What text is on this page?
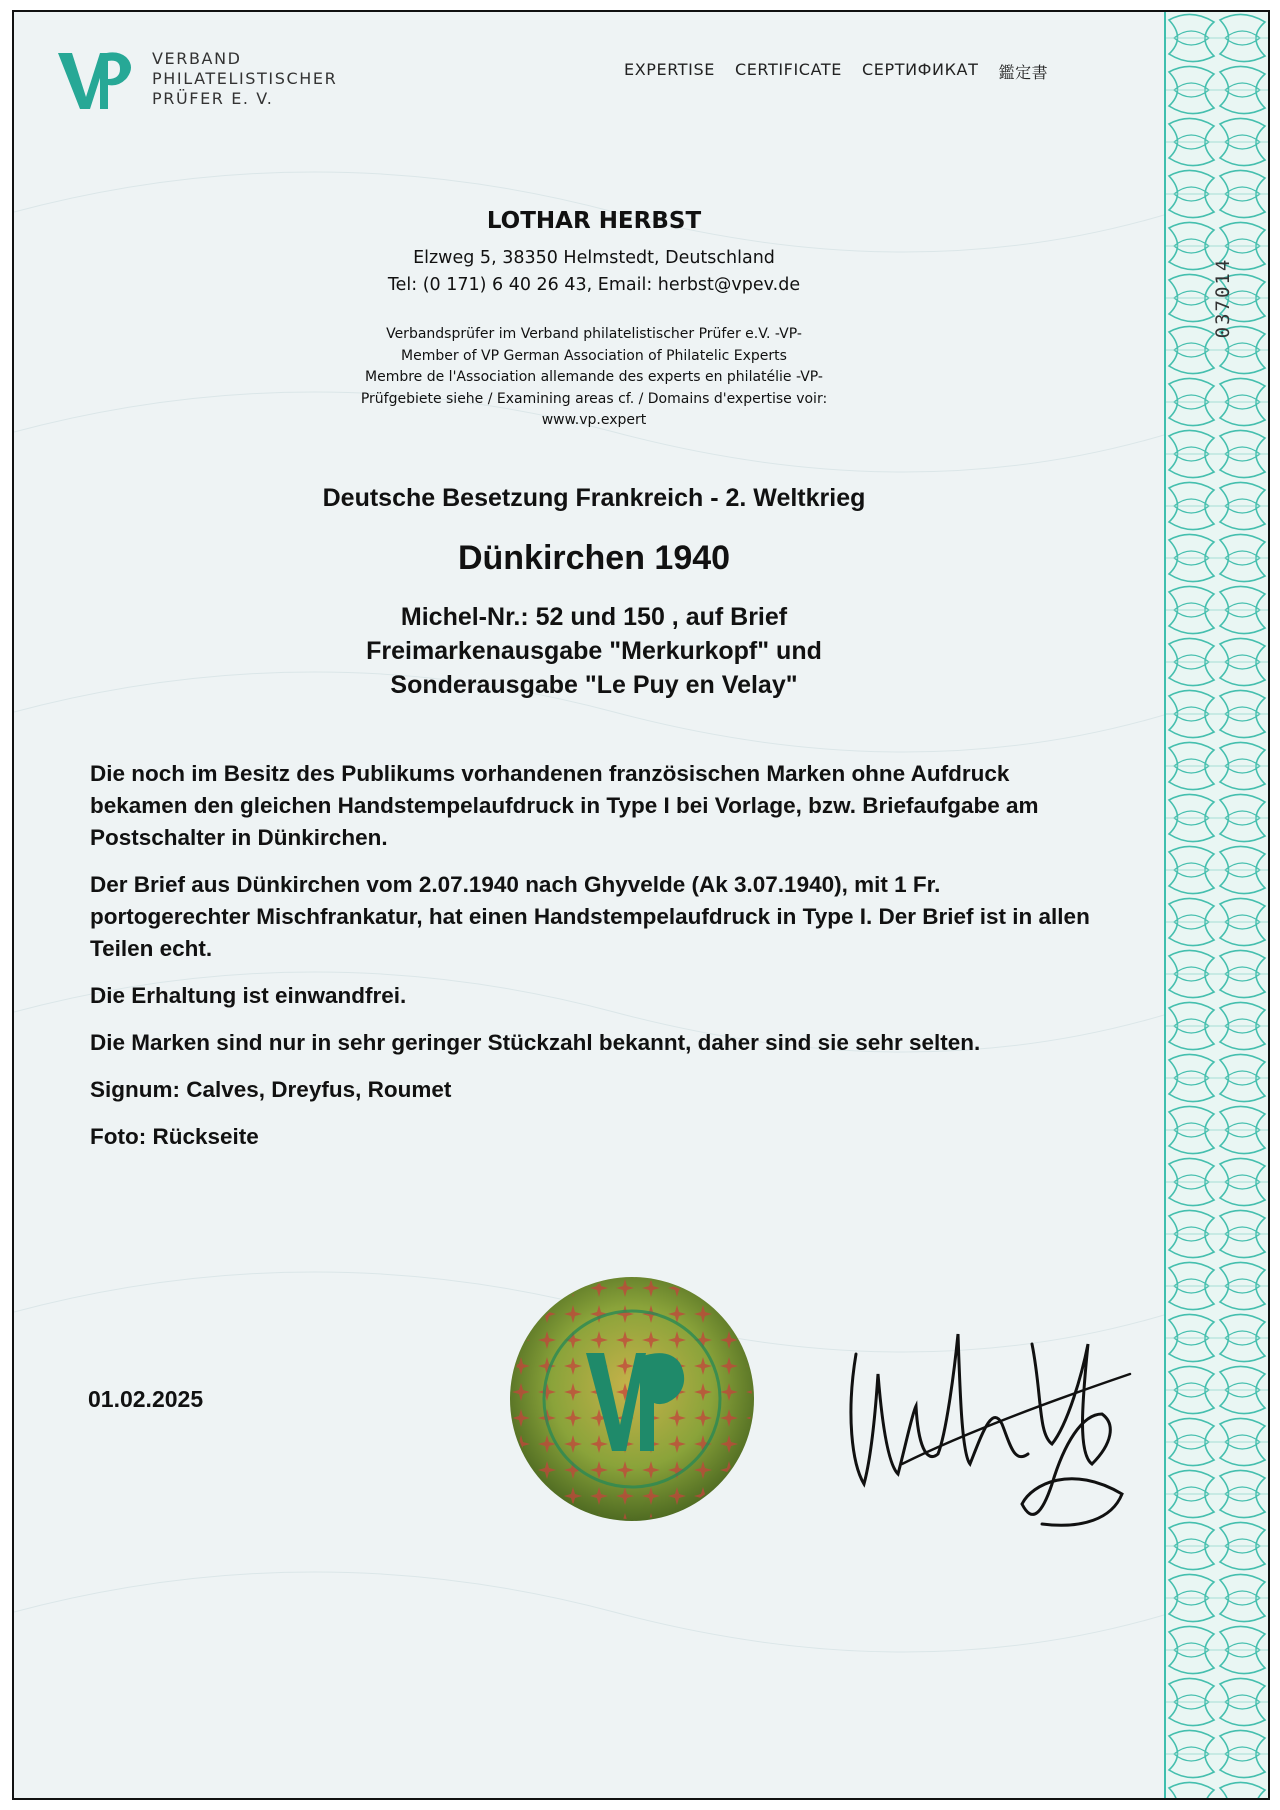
037014
VERBAND
PHILATELISTISCHER
PRÜFER E. V.
EXPERTISE CERTIFICATE СЕРТИФИКАТ 鑑定書
LOTHAR HERBST
Elzweg 5, 38350 Helmstedt, Deutschland
Tel: (0 171) 6 40 26 43, Email: herbst@vpev.de
Verbandsprüfer im Verband philatelistischer Prüfer e.V. -VP-
Member of VP German Association of Philatelic Experts
Membre de l'Association allemande des experts en philatélie -VP-
Prüfgebiete siehe / Examining areas cf. / Domains d'expertise voir:
www.vp.expert
Deutsche Besetzung Frankreich - 2. Weltkrieg
Dünkirchen 1940
Michel-Nr.: 52 und 150 , auf Brief
Freimarkenausgabe "Merkurkopf" und
Sonderausgabe "Le Puy en Velay"

Die noch im Besitz des Publikums vorhandenen französischen Marken ohne Aufdruck bekamen den gleichen Handstempelaufdruck in Type I bei Vorlage, bzw. Briefaufgabe am Postschalter in Dünkirchen.

Der Brief aus Dünkirchen vom 2.07.1940 nach Ghyvelde (Ak 3.07.1940), mit 1 Fr. portogerechter Mischfrankatur, hat einen Handstempelaufdruck in Type I. Der Brief ist in allen Teilen echt.

Die Erhaltung ist einwandfrei.

Die Marken sind nur in sehr geringer Stückzahl bekannt, daher sind sie sehr selten.

Signum: Calves, Dreyfus, Roumet

Foto: Rückseite

01.02.2025
